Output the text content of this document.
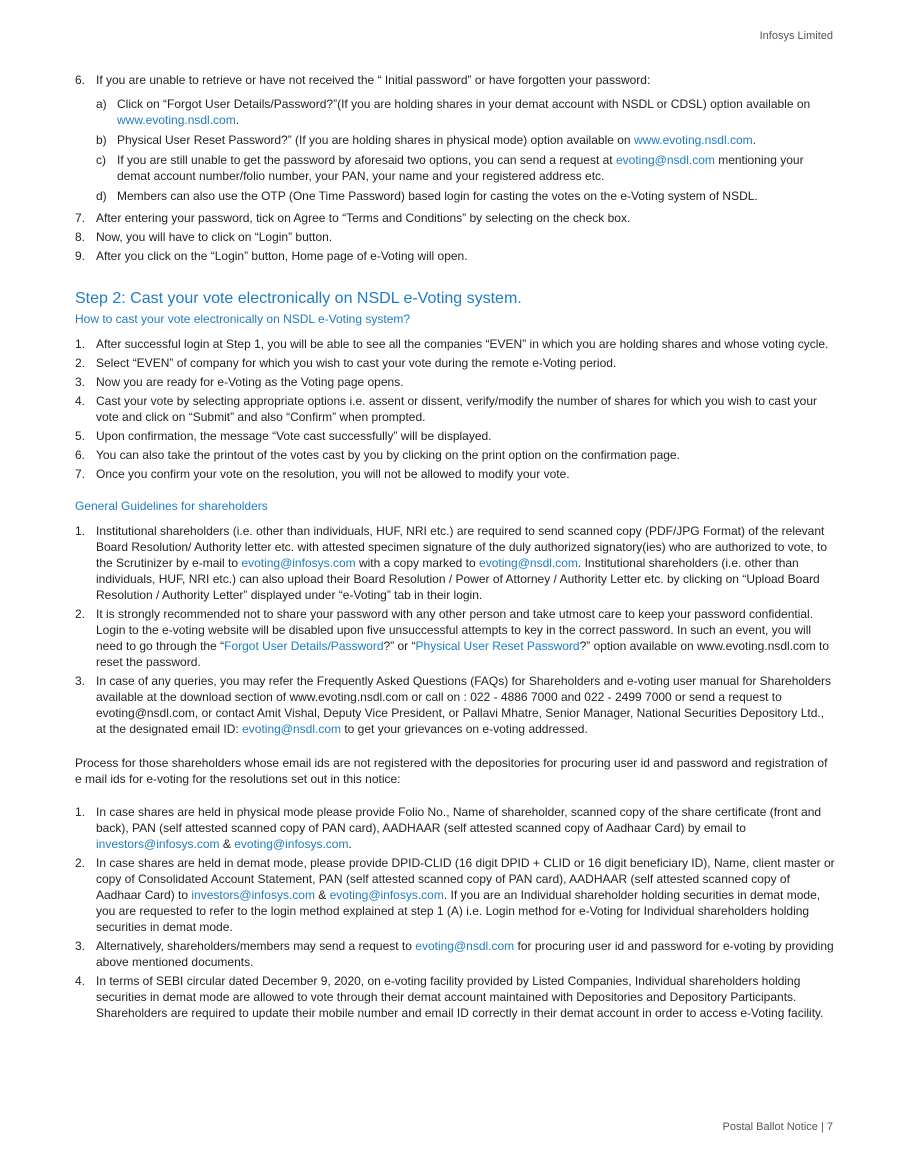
Infosys Limited
6. If you are unable to retrieve or have not received the “ Initial password” or have forgotten your password:
a) Click on “Forgot User Details/Password?”(If you are holding shares in your demat account with NSDL or CDSL) option available on www.evoting.nsdl.com.
b) Physical User Reset Password?” (If you are holding shares in physical mode) option available on www.evoting.nsdl.com.
c) If you are still unable to get the password by aforesaid two options, you can send a request at evoting@nsdl.com mentioning your demat account number/folio number, your PAN, your name and your registered address etc.
d) Members can also use the OTP (One Time Password) based login for casting the votes on the e-Voting system of NSDL.
7. After entering your password, tick on Agree to “Terms and Conditions” by selecting on the check box.
8. Now, you will have to click on “Login” button.
9. After you click on the “Login” button, Home page of e-Voting will open.
Step 2: Cast your vote electronically on NSDL e-Voting system.
How to cast your vote electronically on NSDL e-Voting system?
1. After successful login at Step 1, you will be able to see all the companies “EVEN” in which you are holding shares and whose voting cycle.
2. Select “EVEN” of company for which you wish to cast your vote during the remote e-Voting period.
3. Now you are ready for e-Voting as the Voting page opens.
4. Cast your vote by selecting appropriate options i.e. assent or dissent, verify/modify the number of shares for which you wish to cast your vote and click on “Submit” and also “Confirm” when prompted.
5. Upon confirmation, the message “Vote cast successfully” will be displayed.
6. You can also take the printout of the votes cast by you by clicking on the print option on the confirmation page.
7. Once you confirm your vote on the resolution, you will not be allowed to modify your vote.
General Guidelines for shareholders
1. Institutional shareholders (i.e. other than individuals, HUF, NRI etc.) are required to send scanned copy (PDF/JPG Format) of the relevant Board Resolution/ Authority letter etc. with attested specimen signature of the duly authorized signatory(ies) who are authorized to vote, to the Scrutinizer by e-mail to evoting@infosys.com with a copy marked to evoting@nsdl.com. Institutional shareholders (i.e. other than individuals, HUF, NRI etc.) can also upload their Board Resolution / Power of Attorney / Authority Letter etc. by clicking on “Upload Board Resolution / Authority Letter” displayed under “e-Voting” tab in their login.
2. It is strongly recommended not to share your password with any other person and take utmost care to keep your password confidential. Login to the e-voting website will be disabled upon five unsuccessful attempts to key in the correct password. In such an event, you will need to go through the “Forgot User Details/Password?” or “Physical User Reset Password?” option available on www.evoting.nsdl.com to reset the password.
3. In case of any queries, you may refer the Frequently Asked Questions (FAQs) for Shareholders and e-voting user manual for Shareholders available at the download section of www.evoting.nsdl.com or call on : 022 - 4886 7000 and 022 - 2499 7000 or send a request to evoting@nsdl.com, or contact Amit Vishal, Deputy Vice President, or Pallavi Mhatre, Senior Manager, National Securities Depository Ltd., at the designated email ID: evoting@nsdl.com to get your grievances on e-voting addressed.
Process for those shareholders whose email ids are not registered with the depositories for procuring user id and password and registration of e mail ids for e-voting for the resolutions set out in this notice:
1. In case shares are held in physical mode please provide Folio No., Name of shareholder, scanned copy of the share certificate (front and back), PAN (self attested scanned copy of PAN card), AADHAAR (self attested scanned copy of Aadhaar Card) by email to investors@infosys.com & evoting@infosys.com.
2. In case shares are held in demat mode, please provide DPID-CLID (16 digit DPID + CLID or 16 digit beneficiary ID), Name, client master or copy of Consolidated Account Statement, PAN (self attested scanned copy of PAN card), AADHAAR (self attested scanned copy of Aadhaar Card) to investors@infosys.com & evoting@infosys.com. If you are an Individual shareholder holding securities in demat mode, you are requested to refer to the login method explained at step 1 (A) i.e. Login method for e-Voting for Individual shareholders holding securities in demat mode.
3. Alternatively, shareholders/members may send a request to evoting@nsdl.com for procuring user id and password for e-voting by providing above mentioned documents.
4. In terms of SEBI circular dated December 9, 2020, on e-voting facility provided by Listed Companies, Individual shareholders holding securities in demat mode are allowed to vote through their demat account maintained with Depositories and Depository Participants. Shareholders are required to update their mobile number and email ID correctly in their demat account in order to access e-Voting facility.
Postal Ballot Notice | 7
